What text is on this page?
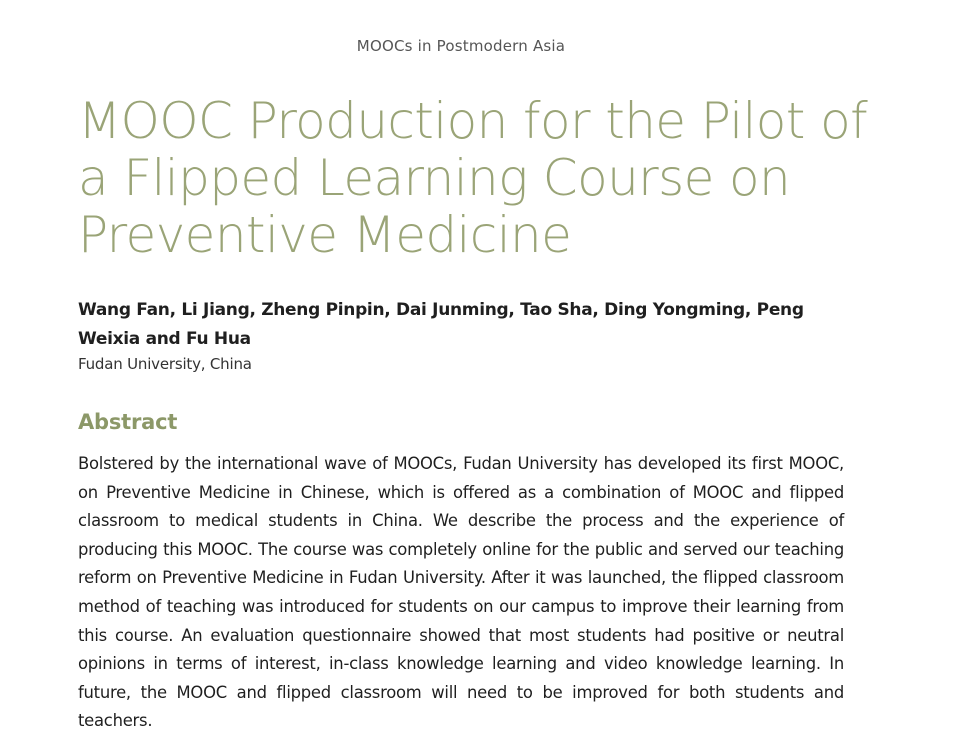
MOOCs in Postmodern Asia
MOOC Production for the Pilot of a Flipped Learning Course on Preventive Medicine
Wang Fan, Li Jiang, Zheng Pinpin, Dai Junming, Tao Sha, Ding Yongming, Peng Weixia and Fu Hua
Fudan University, China
Abstract

Bolstered by the international wave of MOOCs, Fudan University has developed its first MOOC, on Preventive Medicine in Chinese, which is offered as a combination of MOOC and flipped classroom to medical students in China. We describe the process and the experience of producing this MOOC. The course was completely online for the public and served our teaching reform on Preventive Medicine in Fudan University. After it was launched, the flipped classroom method of teaching was introduced for students on our campus to improve their learning from this course. An evaluation questionnaire showed that most students had positive or neutral opinions in terms of interest, in-class knowledge learning and video knowledge learning. In future, the MOOC and flipped classroom will need to be improved for both students and teachers.
